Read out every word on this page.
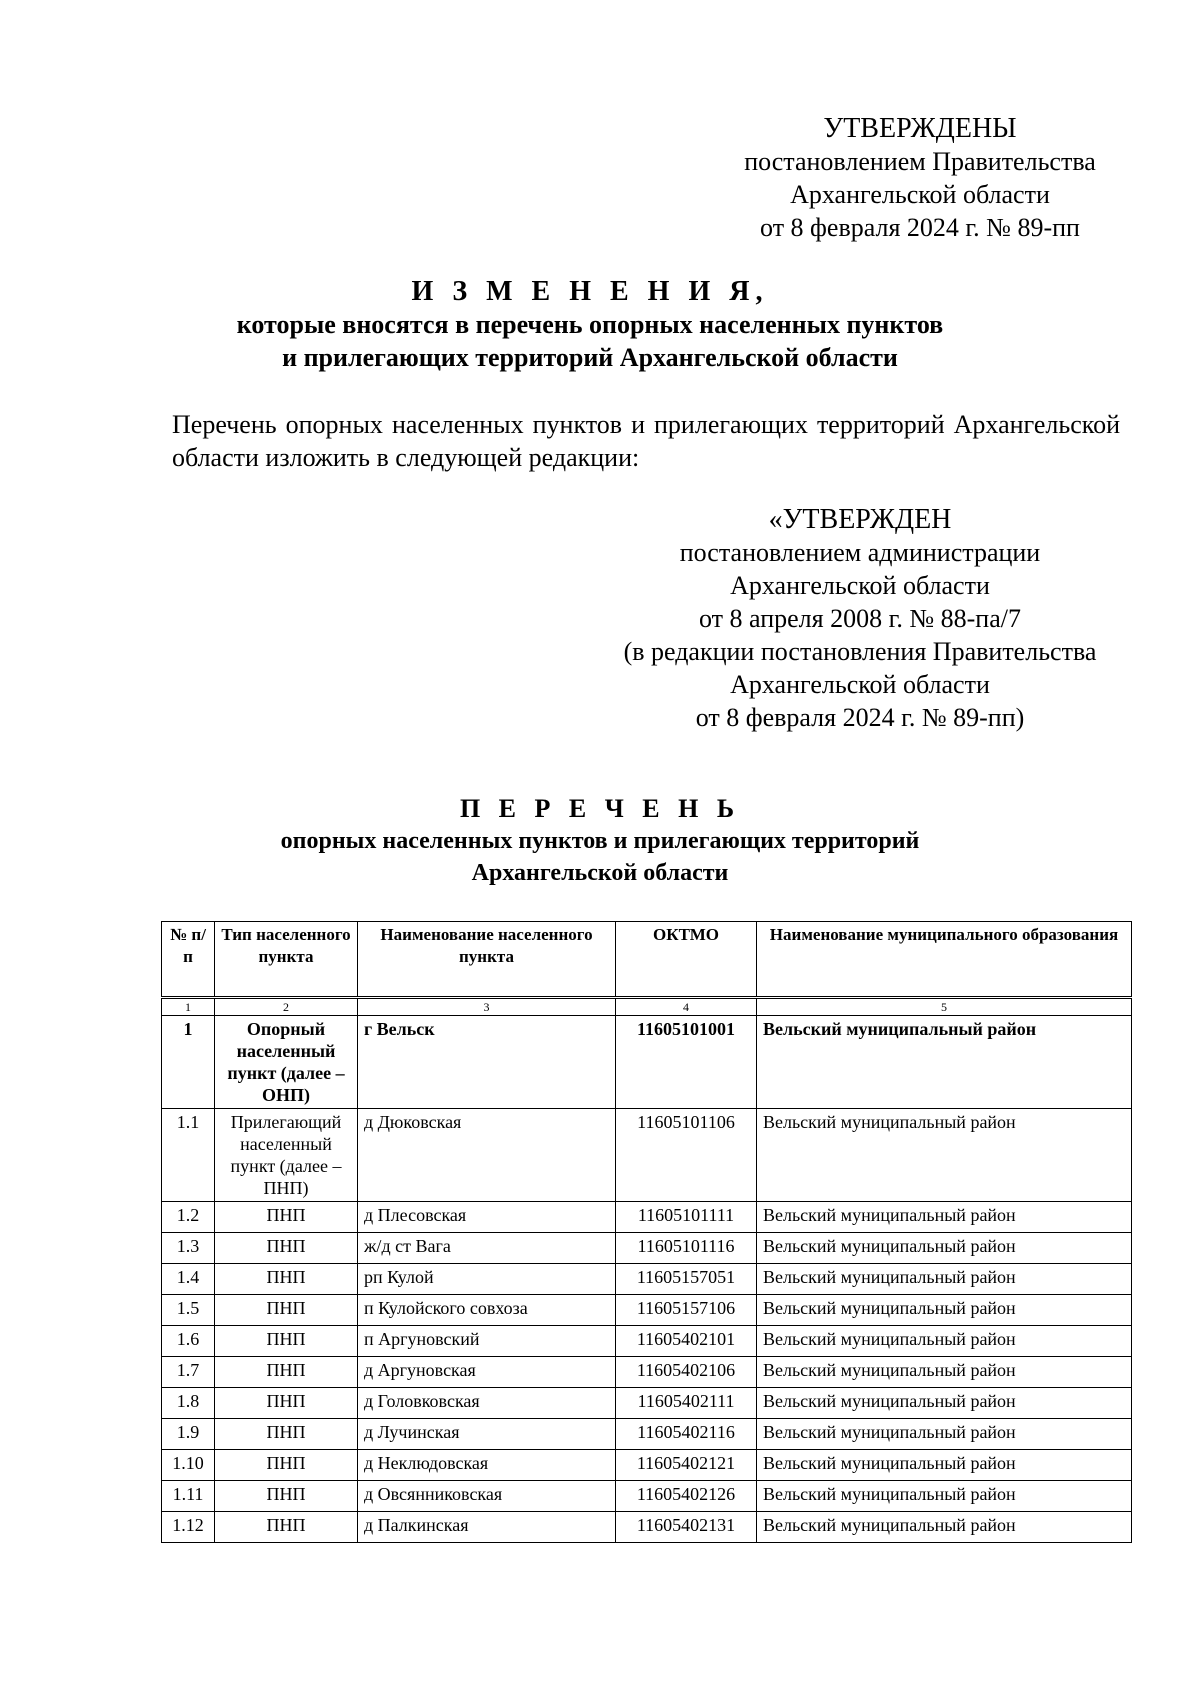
УТВЕРЖДЕНЫ
постановлением Правительства
Архангельской области
от 8 февраля 2024 г. № 89-пп
И З М Е Н Е Н И Я,
которые вносятся в перечень опорных населенных пунктов
и прилегающих территорий Архангельской области
Перечень опорных населенных пунктов и прилегающих территорий Архангельской области изложить в следующей редакции:
«УТВЕРЖДЕН
постановлением администрации
Архангельской области
от 8 апреля 2008 г. № 88-па/7
(в редакции постановления Правительства
Архангельской области
от 8 февраля 2024 г. № 89-пп)
П Е Р Е Ч Е Н Ь
опорных населенных пунктов и прилегающих территорий
Архангельской области
№ п/п	Тип населенного пункта	Наименование населенного пункта	ОКТМО	Наименование муниципального образования
1	2	3	4	5
1	Опорный населенный пункт (далее – ОНП)	г Вельск	11605101001	Вельский муниципальный район
1.1	Прилегающий населенный пункт (далее – ПНП)	д Дюковская	11605101106	Вельский муниципальный район
1.2	ПНП	д Плесовская	11605101111	Вельский муниципальный район
1.3	ПНП	ж/д ст Вага	11605101116	Вельский муниципальный район
1.4	ПНП	рп Кулой	11605157051	Вельский муниципальный район
1.5	ПНП	п Кулойского совхоза	11605157106	Вельский муниципальный район
1.6	ПНП	п Аргуновский	11605402101	Вельский муниципальный район
1.7	ПНП	д Аргуновская	11605402106	Вельский муниципальный район
1.8	ПНП	д Головковская	11605402111	Вельский муниципальный район
1.9	ПНП	д Лучинская	11605402116	Вельский муниципальный район
1.10	ПНП	д Неклюдовская	11605402121	Вельский муниципальный район
1.11	ПНП	д Овсянниковская	11605402126	Вельский муниципальный район
1.12	ПНП	д Палкинская	11605402131	Вельский муниципальный район
